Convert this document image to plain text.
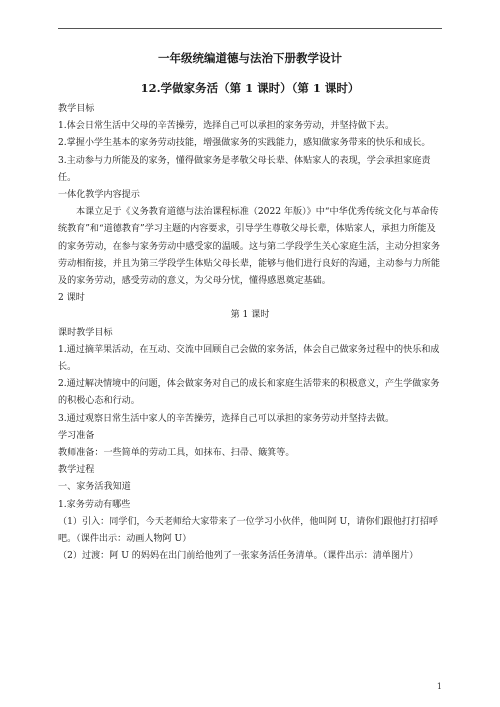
一年级统编道德与法治下册教学设计
12.学做家务活（第 1 课时）（第 1 课时）

教学目标

1.体会日常生活中父母的辛苦操劳，选择自己可以承担的家务劳动，并坚持做下去。

2.掌握小学生基本的家务劳动技能，增强做家务的实践能力，感知做家务带来的快乐和成长。

3.主动参与力所能及的家务，懂得做家务是孝敬父母长辈、体贴家人的表现，学会承担家庭责任。

一体化教学内容提示

本课立足于《义务教育道德与法治课程标准（2022 年版）》中“中华优秀传统文化与革命传统教育”和“道德教育”学习主题的内容要求，引导学生尊敬父母长辈，体贴家人，承担力所能及的家务劳动，在参与家务劳动中感受家的温暖。这与第二学段学生关心家庭生活，主动分担家务劳动相衔接，并且为第三学段学生体贴父母长辈，能够与他们进行良好的沟通，主动参与力所能及的家务劳动，感受劳动的意义，为父母分忧，懂得感恩奠定基础。

2 课时

第 1 课时

课时教学目标

1.通过摘苹果活动，在互动、交流中回顾自己会做的家务活，体会自己做家务过程中的快乐和成长。

2.通过解决情境中的问题，体会做家务对自己的成长和家庭生活带来的积极意义，产生学做家务的积极心态和行动。

3.通过观察日常生活中家人的辛苦操劳，选择自己可以承担的家务劳动并坚持去做。

学习准备

教师准备：一些简单的劳动工具，如抹布、扫帚、簸箕等。

教学过程

一、家务活我知道

1.家务劳动有哪些

（1）引入：同学们，今天老师给大家带来了一位学习小伙伴，他叫阿 U，请你们跟他打打招呼吧。（课件出示：动画人物阿 U）

（2）过渡：阿 U 的妈妈在出门前给他列了一张家务活任务清单。（课件出示：清单图片）

1
